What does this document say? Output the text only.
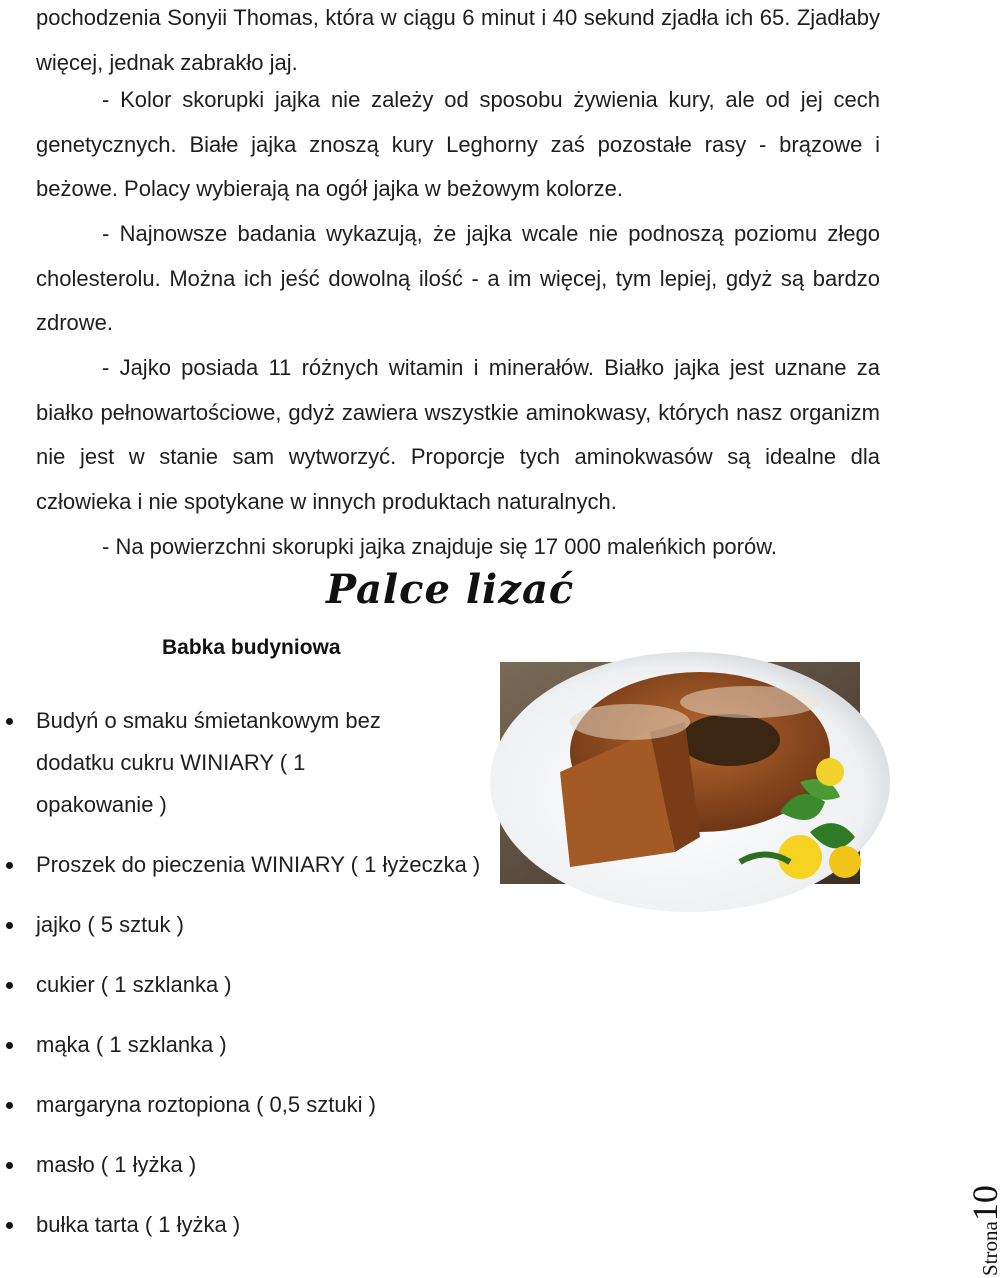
pochodzenia Sonyii Thomas, która w ciągu 6 minut i 40 sekund zjadła ich 65. Zjadłaby więcej, jednak zabrakło jaj.

- Kolor skorupki jajka nie zależy od sposobu żywienia kury, ale od jej cech genetycznych. Białe jajka znoszą kury Leghorny zaś pozostałe rasy - brązowe i beżowe. Polacy wybierają na ogół jajka w beżowym kolorze.

- Najnowsze badania wykazują, że jajka wcale nie podnoszą poziomu złego cholesterolu. Można ich jeść dowolną ilość - a im więcej, tym lepiej, gdyż są bardzo zdrowe.

- Jajko posiada 11 różnych witamin i minerałów. Białko jajka jest uznane za białko pełnowartościowe, gdyż zawiera wszystkie aminokwasy, których nasz organizm nie jest w stanie sam wytworzyć. Proporcje tych aminokwasów są idealne dla człowieka i nie spotykane w innych produktach naturalnych.

- Na powierzchni skorupki jajka znajduje się 17 000 maleńkich porów.

Palce lizać
Babka budyniowa
Budyń o smaku śmietankowym bez dodatku cukru WINIARY ( 1 opakowanie )
Proszek do pieczenia WINIARY ( 1 łyżeczka )
jajko ( 5 sztuk )
cukier ( 1 szklanka )
mąka ( 1 szklanka )
margaryna roztopiona ( 0,5 sztuki )
masło ( 1 łyżka )
bułka tarta ( 1 łyżka )	Strona10
